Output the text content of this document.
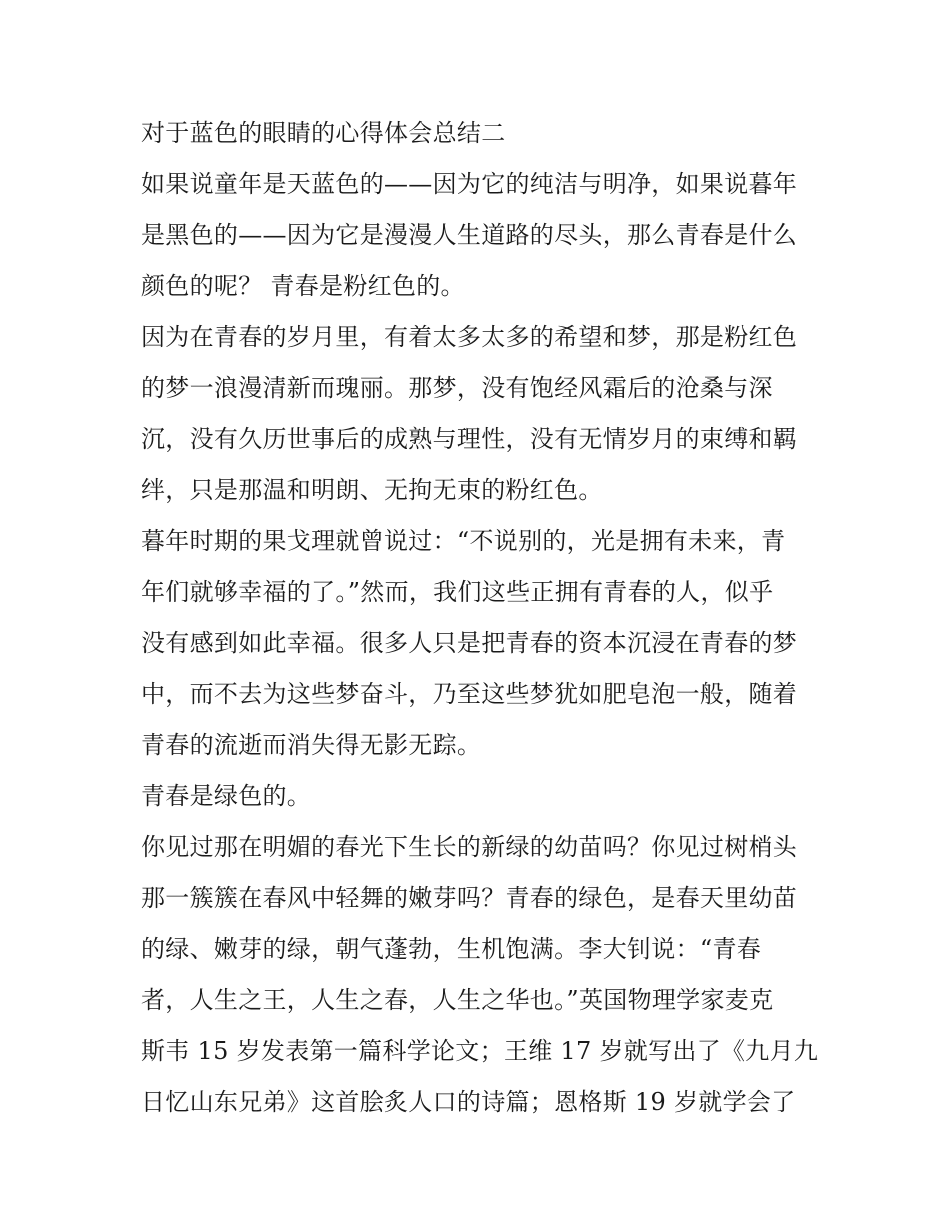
对于蓝色的眼睛的心得体会总结二
如果说童年是天蓝色的——因为它的纯洁与明净，如果说暮年
是黑色的——因为它是漫漫人生道路的尽头，那么青春是什么
颜色的呢？ 青春是粉红色的。
因为在青春的岁月里，有着太多太多的希望和梦，那是粉红色
的梦一浪漫清新而瑰丽。那梦，没有饱经风霜后的沧桑与深
沉，没有久历世事后的成熟与理性，没有无情岁月的束缚和羁
绊，只是那温和明朗、无拘无束的粉红色。
暮年时期的果戈理就曾说过：“不说别的，光是拥有未来，青
年们就够幸福的了。”然而，我们这些正拥有青春的人，似乎
没有感到如此幸福。很多人只是把青春的资本沉浸在青春的梦
中，而不去为这些梦奋斗，乃至这些梦犹如肥皂泡一般，随着
青春的流逝而消失得无影无踪。
青春是绿色的。
你见过那在明媚的春光下生长的新绿的幼苗吗？你见过树梢头
那一簇簇在春风中轻舞的嫩芽吗？青春的绿色，是春天里幼苗
的绿、嫩芽的绿，朝气蓬勃，生机饱满。李大钊说：“青春
者，人生之王，人生之春，人生之华也。”英国物理学家麦克
斯韦 15 岁发表第一篇科学论文；王维 17 岁就写出了《九月九
日忆山东兄弟》这首脍炙人口的诗篇；恩格斯 19 岁就学会了
